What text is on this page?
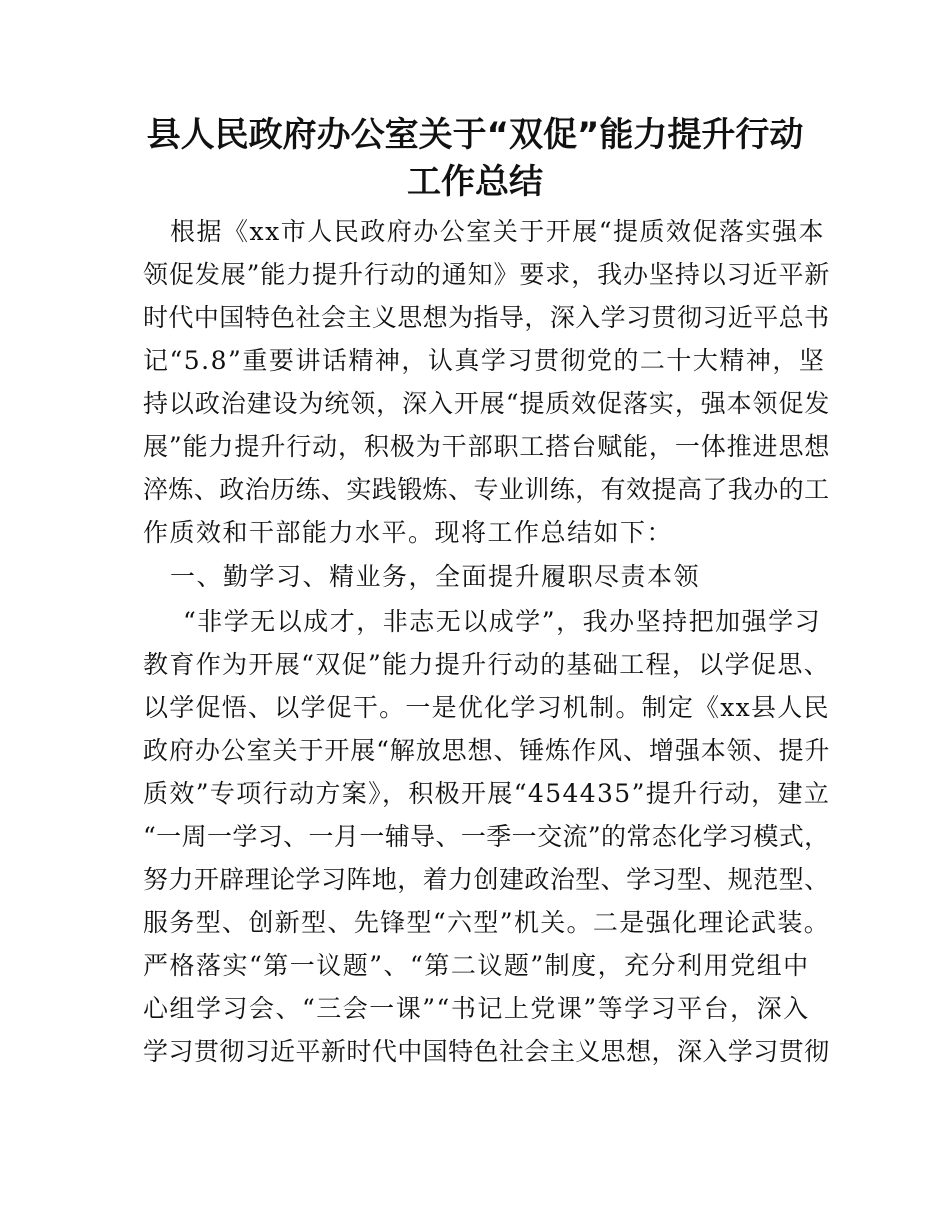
县人民政府办公室关于“双促”能力提升行动
工作总结
根据《xx市人民政府办公室关于开展“提质效促落实强本
领促发展”能力提升行动的通知》要求，我办坚持以习近平新
时代中国特色社会主义思想为指导，深入学习贯彻习近平总书
记“5.8”重要讲话精神，认真学习贯彻党的二十大精神，坚
持以政治建设为统领，深入开展“提质效促落实，强本领促发
展”能力提升行动，积极为干部职工搭台赋能，一体推进思想
淬炼、政治历练、实践锻炼、专业训练，有效提高了我办的工
作质效和干部能力水平。现将工作总结如下：
一、勤学习、精业务，全面提升履职尽责本领
“非学无以成才，非志无以成学”，我办坚持把加强学习
教育作为开展“双促”能力提升行动的基础工程，以学促思、
以学促悟、以学促干。一是优化学习机制。制定《xx县人民
政府办公室关于开展“解放思想、锤炼作风、增强本领、提升
质效”专项行动方案》，积极开展“454435”提升行动，建立
“一周一学习、一月一辅导、一季一交流”的常态化学习模式，
努力开辟理论学习阵地，着力创建政治型、学习型、规范型、
服务型、创新型、先锋型“六型”机关。二是强化理论武装。
严格落实“第一议题”、“第二议题”制度，充分利用党组中
心组学习会、“三会一课”“书记上党课”等学习平台，深入
学习贯彻习近平新时代中国特色社会主义思想，深入学习贯彻
